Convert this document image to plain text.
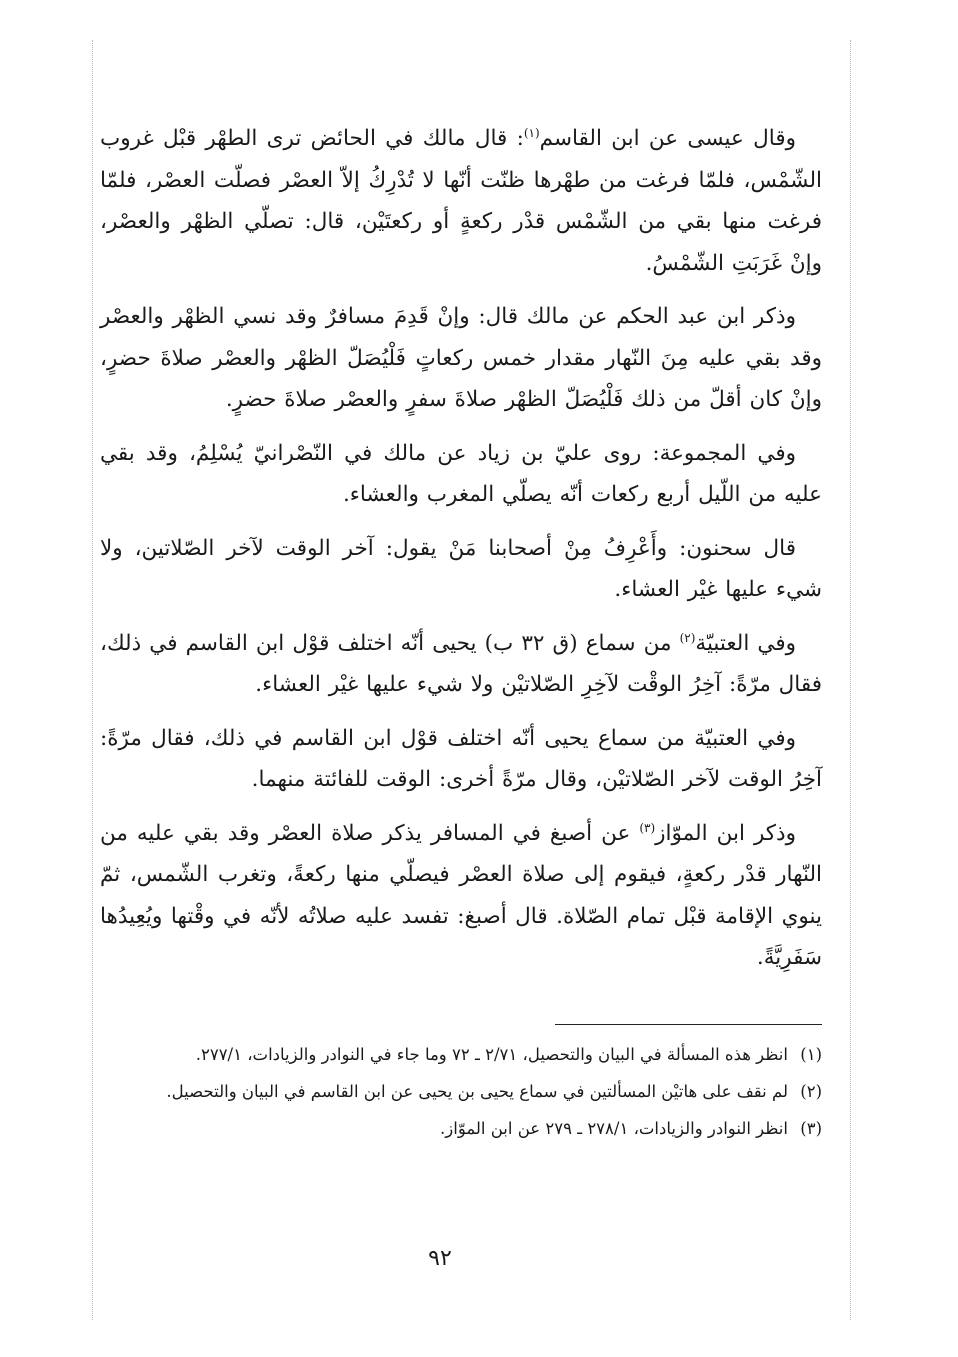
وقال عيسى عن ابن القاسم$^{(١)}$: قال مالك في الحائض ترى الطهْر قبْل غروب الشّمْس، فلمّا فرغت من طهْرها ظنّت أنّها لا تُدْرِكُ إلاّ العصْر فصلّت العصْر، فلمّا فرغت منها بقي من الشّمْس قدْر ركعةٍ أو ركعتَيْن، قال: تصلّي الظهْر والعصْر، وإنْ غَرَبَتِ الشّمْسُ.

وذكر ابن عبد الحكم عن مالك قال: وإنْ قَدِمَ مسافرٌ وقد نسي الظهْر والعصْر وقد بقي عليه مِنَ النّهار مقدار خمس ركعاتٍ فَلْيُصَلّ الظهْر والعصْر صلاةَ حضرٍ، وإنْ كان أقلّ من ذلك فَلْيُصَلّ الظهْر صلاةَ سفرٍ والعصْر صلاةَ حضرٍ.

وفي المجموعة: روى عليّ بن زياد عن مالك في النّصْرانيّ يُسْلِمُ، وقد بقي عليه من اللّيل أربع ركعات أنّه يصلّي المغرب والعشاء.

قال سحنون: وأَعْرِفُ مِنْ أصحابنا مَنْ يقول: آخر الوقت لآخر الصّلاتين، ولا شيء عليها غيْر العشاء.

وفي العتبيّة$^{(٢)}$ من سماع (ق ٣٢ ب) يحيى أنّه اختلف قوْل ابن القاسم في ذلك، فقال مرّةً: آخِرُ الوقْت لآخِرِ الصّلاتيْن ولا شيء عليها غيْر العشاء.

وفي العتبيّة من سماع يحيى أنّه اختلف قوْل ابن القاسم في ذلك، فقال مرّةً: آخِرُ الوقت لآخر الصّلاتيْن، وقال مرّةً أخرى: الوقت للفائتة منهما.

وذكر ابن الموّاز$^{(٣)}$ عن أصبغ في المسافر يذكر صلاة العصْر وقد بقي عليه من النّهار قدْر ركعةٍ، فيقوم إلى صلاة العصْر فيصلّي منها ركعةً، وتغرب الشّمس، ثمّ ينوي الإقامة قبْل تمام الصّلاة. قال أصبغ: تفسد عليه صلاتُه لأنّه في وقْتها ويُعِيدُها سَفَرِيَّةً.

(١)
انظر هذه المسألة في البيان والتحصيل، ٢/٧١ ـ ٧٢ وما جاء في النوادر والزيادات، ٢٧٧/١.
(٢)
لم نقف على هاتيْن المسألتين في سماع يحيى بن يحيى عن ابن القاسم في البيان والتحصيل.
(٣)
انظر النوادر والزيادات، ٢٧٨/١ ـ ٢٧٩ عن ابن الموّاز.
٩٢
